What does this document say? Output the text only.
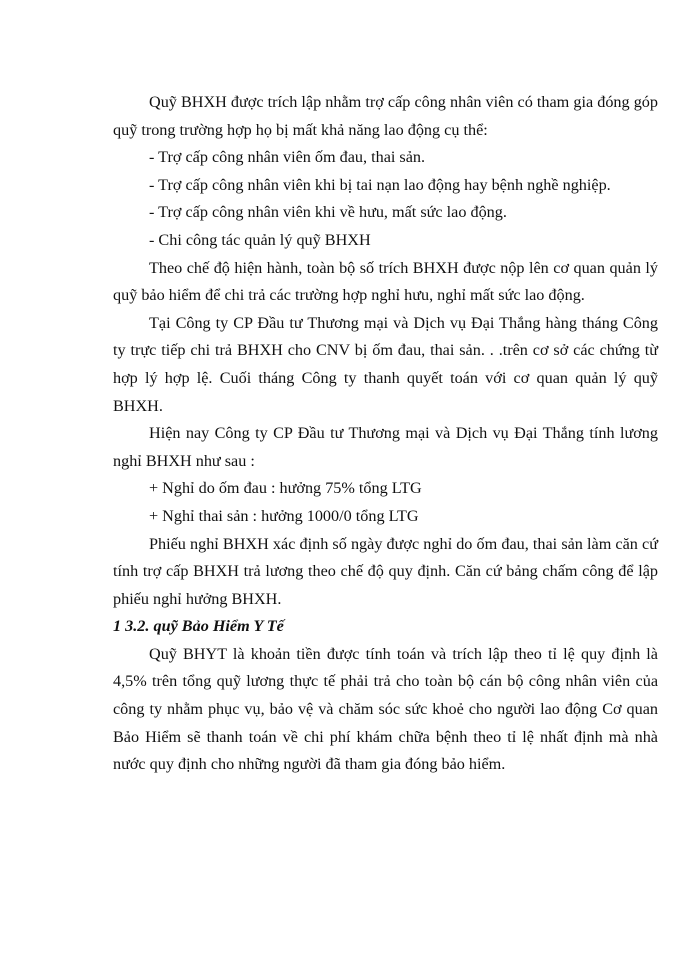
Quỹ BHXH được trích lập nhằm trợ cấp công nhân viên có tham gia đóng góp quỹ trong trường hợp họ bị mất khả năng lao động cụ thể:

- Trợ cấp công nhân viên ốm đau, thai sản.

- Trợ cấp công nhân viên khi bị tai nạn lao động hay bệnh nghề nghiệp.

- Trợ cấp công nhân viên khi về hưu, mất sức lao động.

- Chi công tác quản lý quỹ BHXH

Theo chế độ hiện hành, toàn bộ số trích BHXH được nộp lên cơ quan quản lý quỹ bảo hiểm để chi trả các trường hợp nghỉ hưu, nghỉ mất sức lao động.

Tại Công ty CP Đầu tư Thương mại và Dịch vụ Đại Thắng hàng tháng Công ty trực tiếp chi trả BHXH cho CNV bị ốm đau, thai sản. . .trên cơ sở các chứng từ hợp lý hợp lệ. Cuối tháng Công ty thanh quyết toán với cơ quan quản lý quỹ BHXH.

Hiện nay Công ty CP Đầu tư Thương mại và Dịch vụ Đại Thắng tính lương nghỉ BHXH như sau :

+ Nghỉ do ốm đau : hưởng 75% tổng LTG

+ Nghỉ thai sản : hưởng 1000/0 tổng LTG

Phiếu nghỉ BHXH xác định số ngày được nghỉ do ốm đau, thai sản làm căn cứ tính trợ cấp BHXH trả lương theo chế độ quy định. Căn cứ bảng chấm công để lập phiếu nghỉ hưởng BHXH.

1 3.2. quỹ Bảo Hiểm Y Tế

Quỹ BHYT là khoản tiền được tính toán và trích lập theo tỉ lệ quy định là 4,5% trên tổng quỹ lương thực tế phải trả cho toàn bộ cán bộ công nhân viên của công ty nhằm phục vụ, bảo vệ và chăm sóc sức khoẻ cho người lao động Cơ quan Bảo Hiểm sẽ thanh toán về chi phí khám chữa bệnh theo tỉ lệ nhất định mà nhà nước quy định cho những người đã tham gia đóng bảo hiểm.
